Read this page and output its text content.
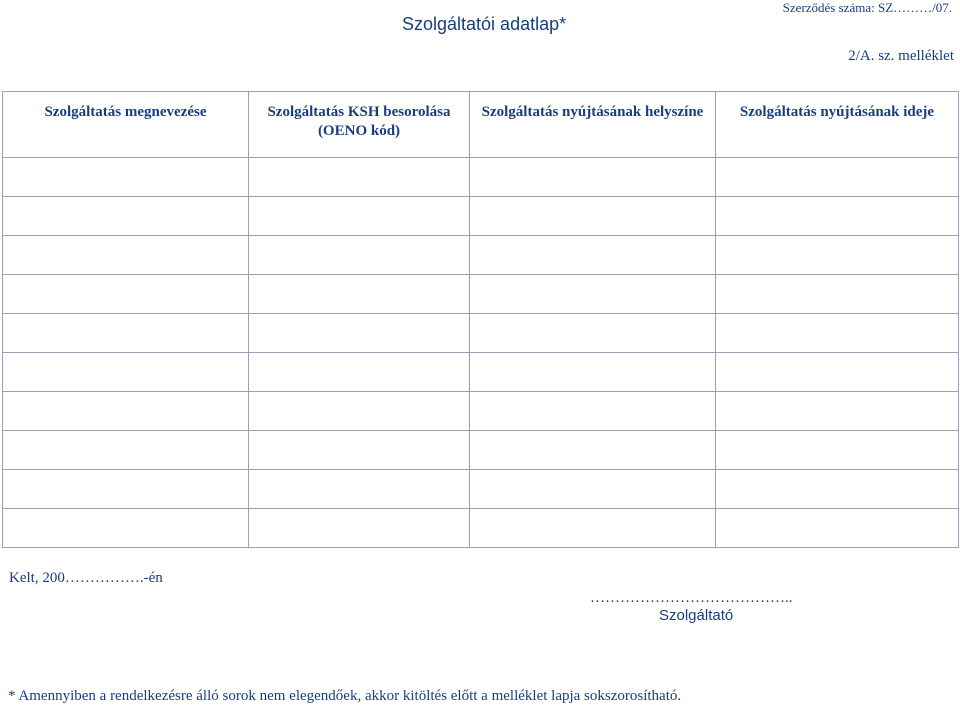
Szolgáltatói adatlap*
Szerződés száma: SZ………/07.
2/A. sz. melléklet
Szolgáltatás megnevezése	Szolgáltatás KSH besorolása (OENO kód)	Szolgáltatás nyújtásának helyszíne	Szolgáltatás nyújtásának ideje

Kelt, 200…………….-én
…………………………………..
Szolgáltató
* Amennyiben a rendelkezésre álló sorok nem elegendőek, akkor kitöltés előtt a melléklet lapja sokszorosítható.
